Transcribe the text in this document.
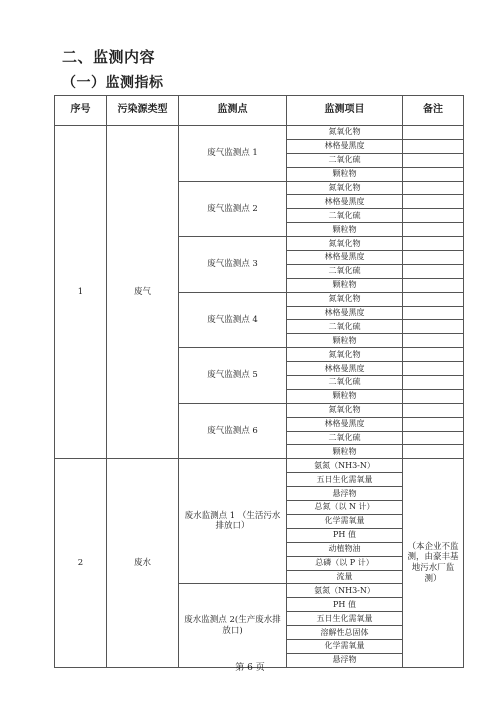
二、监测内容
（一）监测指标
序号	污染源类型	监测点	监测项目	备注
1	废气	废气监测点 1	氮氧化物	
			林格曼黑度	
			二氧化硫	
			颗粒物	
		废气监测点 2	氮氧化物	
			林格曼黑度	
			二氧化硫	
			颗粒物	
		废气监测点 3	氮氧化物	
			林格曼黑度	
			二氧化硫	
			颗粒物	
		废气监测点 4	氮氧化物	
			林格曼黑度	
			二氧化硫	
			颗粒物	
		废气监测点 5	氮氧化物	
			林格曼黑度	
			二氧化硫	
			颗粒物	
		废气监测点 6	氮氧化物	
			林格曼黑度	
			二氧化硫	
			颗粒物	
2	废水	废水监测点 1 （生活污水排放口）	氨氮（NH3-N）	（本企业不监测，由豪丰基地污水厂监测）
			五日生化需氧量	
			悬浮物	
			总氮（以 N 计）	
			化学需氧量	
			PH 值	
			动植物油	
			总磷（以 P 计）	
			流量	
		废水监测点 2(生产废水排放口)	氨氮（NH3-N）	
			PH 值	
			五日生化需氧量	
			溶解性总固体	
			化学需氧量	
			悬浮物	
第 6 页
